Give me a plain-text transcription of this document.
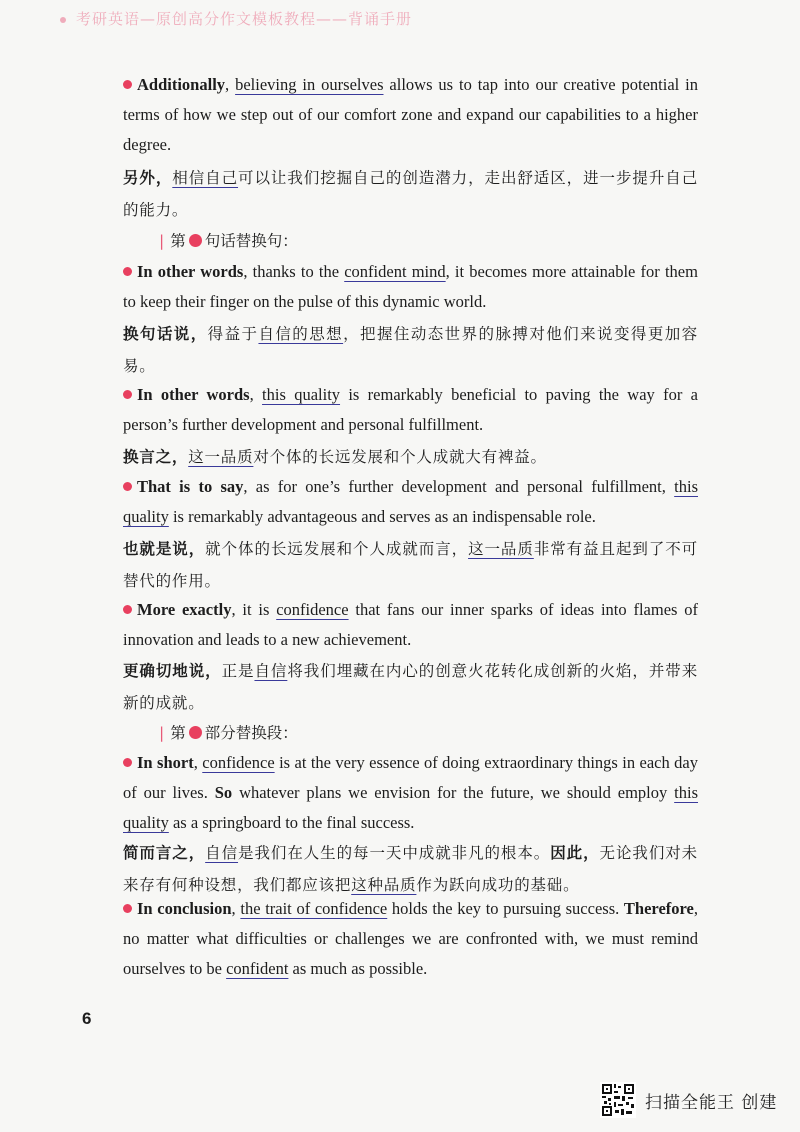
考研英语—原创高分作文模板教程——背诵手册
Additionally, believing in ourselves allows us to tap into our creative potential in terms of how we step out of our comfort zone and expand our capabilities to a higher degree.
另外，相信自己可以让我们挖掘自己的创造潜力，走出舒适区，进一步提升自己的能力。
| 第 句话替换句：
In other words, thanks to the confident mind, it becomes more attainable for them to keep their finger on the pulse of this dynamic world.
换句话说，得益于自信的思想，把握住动态世界的脉搏对他们来说变得更加容易。
In other words, this quality is remarkably beneficial to paving the way for a person’s further development and personal fulfillment.
换言之，这一品质对个体的长远发展和个人成就大有裨益。
That is to say, as for one’s further development and personal fulfillment, this quality is remarkably advantageous and serves as an indispensable role.
也就是说，就个体的长远发展和个人成就而言，这一品质非常有益且起到了不可替代的作用。
More exactly, it is confidence that fans our inner sparks of ideas into flames of innovation and leads to a new achievement.
更确切地说，正是自信将我们埋藏在内心的创意火花转化成创新的火焰，并带来新的成就。
| 第 部分替换段：
In short, confidence is at the very essence of doing extraordinary things in each day of our lives. So whatever plans we envision for the future, we should employ this quality as a springboard to the final success.
简而言之，自信是我们在人生的每一天中成就非凡的根本。因此，无论我们对未来存有何种设想，我们都应该把这种品质作为跃向成功的基础。
In conclusion, the trait of confidence holds the key to pursuing success. Therefore, no matter what difficulties or challenges we are confronted with, we must remind ourselves to be confident as much as possible.
6
扫描全能王 创建
